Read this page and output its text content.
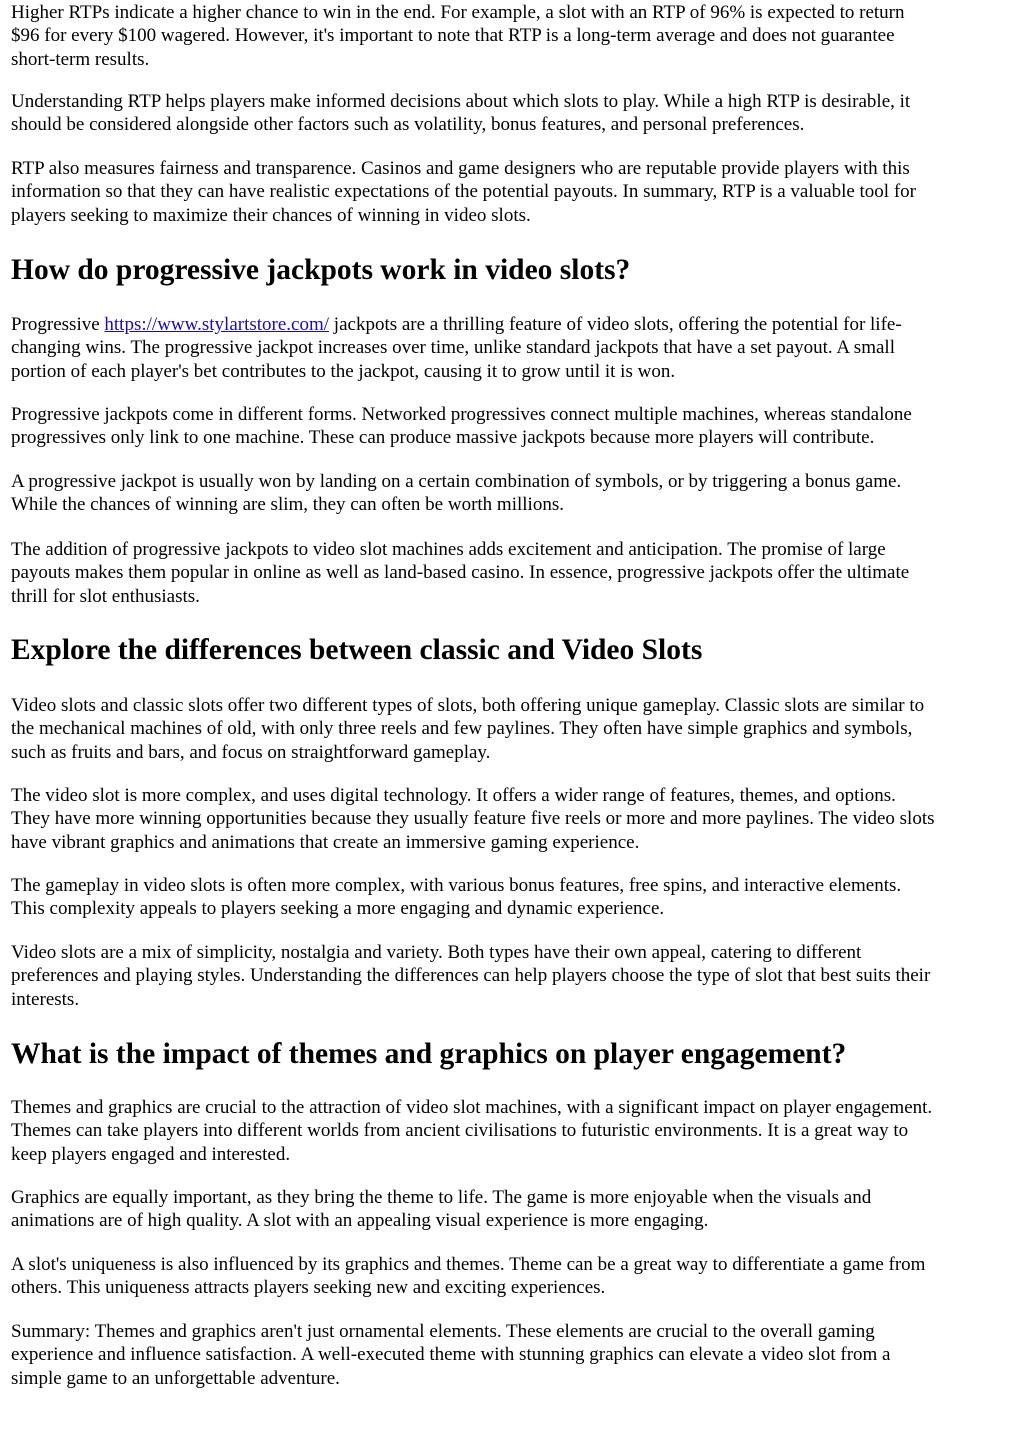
Higher RTPs indicate a higher chance to win in the end. For example, a slot with an RTP of 96% is expected to return
$96 for every $100 wagered. However, it's important to note that RTP is a long-term average and does not guarantee
short-term results.

Understanding RTP helps players make informed decisions about which slots to play. While a high RTP is desirable, it
should be considered alongside other factors such as volatility, bonus features, and personal preferences.

RTP also measures fairness and transparence. Casinos and game designers who are reputable provide players with this
information so that they can have realistic expectations of the potential payouts. In summary, RTP is a valuable tool for
players seeking to maximize their chances of winning in video slots.

How do progressive jackpots work in video slots?

Progressive https://www.stylartstore.com/ jackpots are a thrilling feature of video slots, offering the potential for life-
changing wins. The progressive jackpot increases over time, unlike standard jackpots that have a set payout. A small
portion of each player's bet contributes to the jackpot, causing it to grow until it is won.

Progressive jackpots come in different forms. Networked progressives connect multiple machines, whereas standalone
progressives only link to one machine. These can produce massive jackpots because more players will contribute.

A progressive jackpot is usually won by landing on a certain combination of symbols, or by triggering a bonus game.
While the chances of winning are slim, they can often be worth millions.

The addition of progressive jackpots to video slot machines adds excitement and anticipation. The promise of large
payouts makes them popular in online as well as land-based casino. In essence, progressive jackpots offer the ultimate
thrill for slot enthusiasts.

Explore the differences between classic and Video Slots

Video slots and classic slots offer two different types of slots, both offering unique gameplay. Classic slots are similar to
the mechanical machines of old, with only three reels and few paylines. They often have simple graphics and symbols,
such as fruits and bars, and focus on straightforward gameplay.

The video slot is more complex, and uses digital technology. It offers a wider range of features, themes, and options.
They have more winning opportunities because they usually feature five reels or more and more paylines. The video slots
have vibrant graphics and animations that create an immersive gaming experience.

The gameplay in video slots is often more complex, with various bonus features, free spins, and interactive elements.
This complexity appeals to players seeking a more engaging and dynamic experience.

Video slots are a mix of simplicity, nostalgia and variety. Both types have their own appeal, catering to different
preferences and playing styles. Understanding the differences can help players choose the type of slot that best suits their
interests.

What is the impact of themes and graphics on player engagement?

Themes and graphics are crucial to the attraction of video slot machines, with a significant impact on player engagement.
Themes can take players into different worlds from ancient civilisations to futuristic environments. It is a great way to
keep players engaged and interested.

Graphics are equally important, as they bring the theme to life. The game is more enjoyable when the visuals and
animations are of high quality. A slot with an appealing visual experience is more engaging.

A slot's uniqueness is also influenced by its graphics and themes. Theme can be a great way to differentiate a game from
others. This uniqueness attracts players seeking new and exciting experiences.

Summary: Themes and graphics aren't just ornamental elements. These elements are crucial to the overall gaming
experience and influence satisfaction. A well-executed theme with stunning graphics can elevate a video slot from a
simple game to an unforgettable adventure.
